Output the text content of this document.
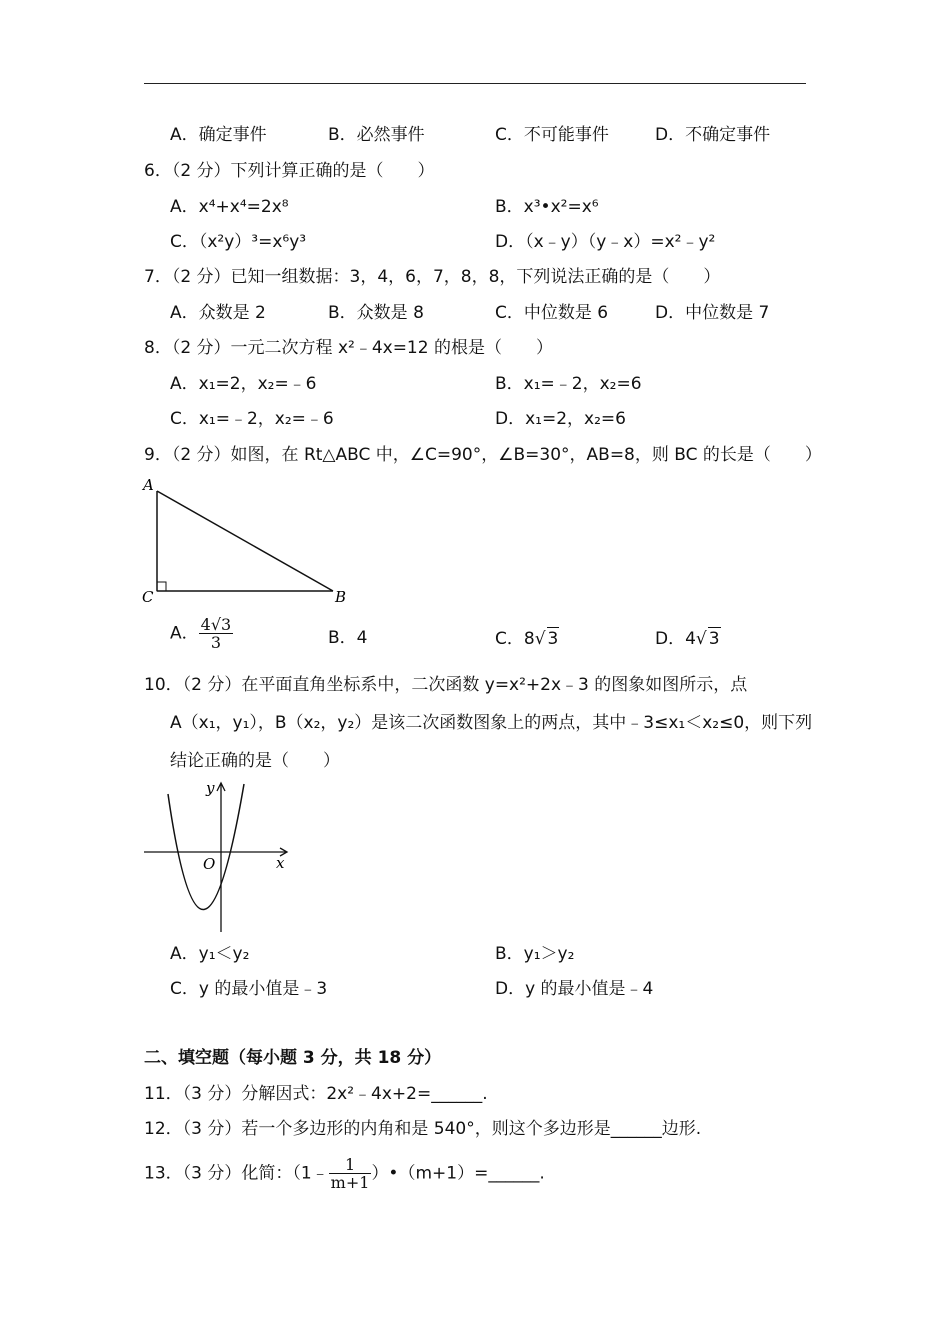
A．确定事件	B．必然事件	C．不可能事件	D．不确定事件
6．（2 分）下列计算正确的是（　　）
A．x⁴+x⁴=2x⁸	B．x³•x²=x⁶
C．（x²y）³=x⁶y³	D．（x﹣y）（y﹣x）=x²﹣y²
7．（2 分）已知一组数据：3，4，6，7，8，8，下列说法正确的是（　　）
A．众数是 2	B．众数是 8	C．中位数是 6	D．中位数是 7
8．（2 分）一元二次方程 x²﹣4x=12 的根是（　　）
A．x₁=2，x₂=﹣6	B．x₁=﹣2，x₂=6
C．x₁=﹣2，x₂=﹣6	D．x₁=2，x₂=6
9．（2 分）如图，在 Rt△ABC 中，∠C=90°，∠B=30°，AB=8，则 BC 的长是（　　）
A
C	B
A． $\frac{4√3}{3}$	B．4	C．8√ 3	D．4√ 3
10．（2 分）在平面直角坐标系中，二次函数 y=x²+2x﹣3 的图象如图所示，点
A（x₁，y₁），B（x₂，y₂）是该二次函数图象上的两点，其中﹣3≤x₁＜x₂≤0，则下列
结论正确的是（　　）
y
x
O
A．y₁＜y₂	B．y₁＞y₂
C．y 的最小值是﹣3	D．y 的最小值是﹣4
二、填空题（每小题 3 分，共 18 分）
11．（3 分）分解因式：2x²﹣4x+2=______.
12．（3 分）若一个多边形的内角和是 540°，则这个多边形是______边形.
13．（3 分）化简：（1﹣ $\frac{1}{m+1}$ ）•（m+1）=______.
